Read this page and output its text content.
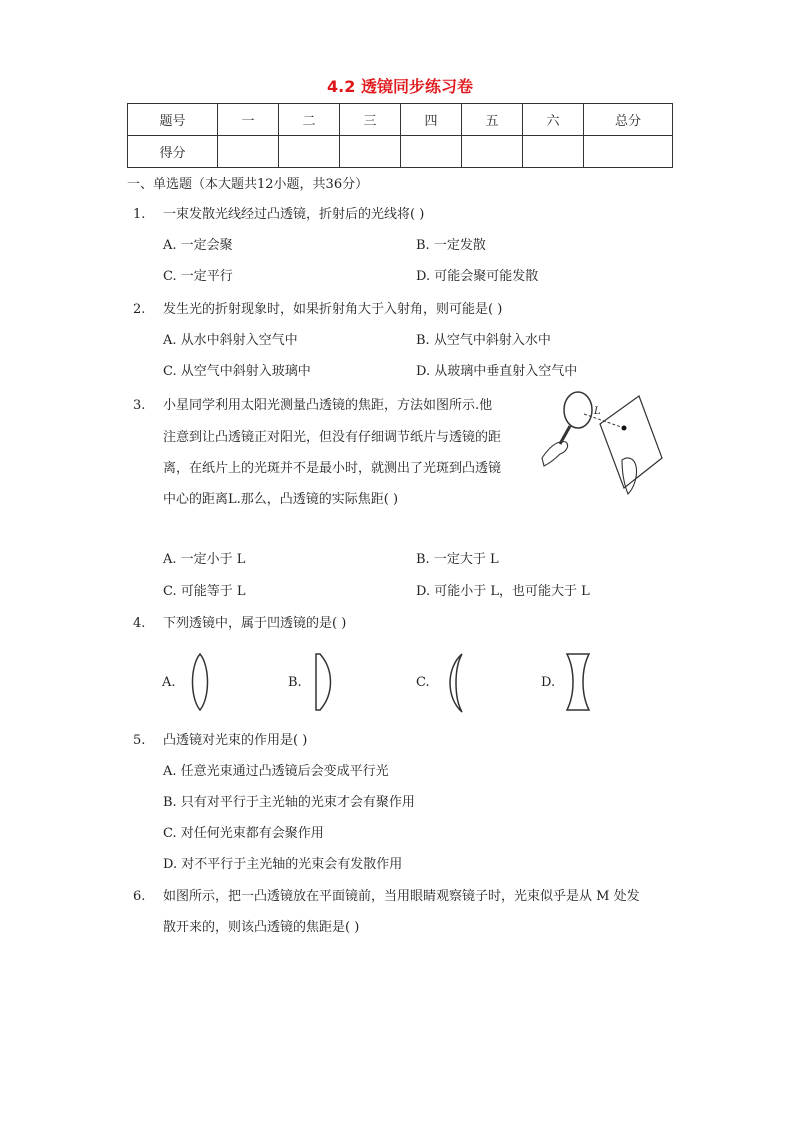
4.2 透镜同步练习卷
题号	一	二	三	四	五	六	总分
得分							
一、单选题（本大题共12小题，共36分）
1. 一束发散光线经过凸透镜，折射后的光线将( )
A. 一定会聚	B. 一定发散
C. 一定平行	D. 可能会聚可能发散
2. 发生光的折射现象时，如果折射角大于入射角，则可能是( )
A. 从水中斜射入空气中	B. 从空气中斜射入水中
C. 从空气中斜射入玻璃中	D. 从玻璃中垂直射入空气中
3. 小星同学利用太阳光测量凸透镜的焦距，方法如图所示.他
注意到让凸透镜正对阳光，但没有仔细调节纸片与透镜的距
离，在纸片上的光斑并不是最小时，就测出了光斑到凸透镜
中心的距离L.那么，凸透镜的实际焦距( )
L
A. 一定小于 L	B. 一定大于 L
C. 可能等于 L	D. 可能小于 L，也可能大于 L
4. 下列透镜中，属于凹透镜的是( )
A.	B.	C.	D.
5. 凸透镜对光束的作用是( )
A. 任意光束通过凸透镜后会变成平行光
B. 只有对平行于主光轴的光束才会有聚作用
C. 对任何光束都有会聚作用
D. 对不平行于主光轴的光束会有发散作用
6. 如图所示，把一凸透镜放在平面镜前，当用眼睛观察镜子时，光束似乎是从 M 处发
散开来的，则该凸透镜的焦距是( )
